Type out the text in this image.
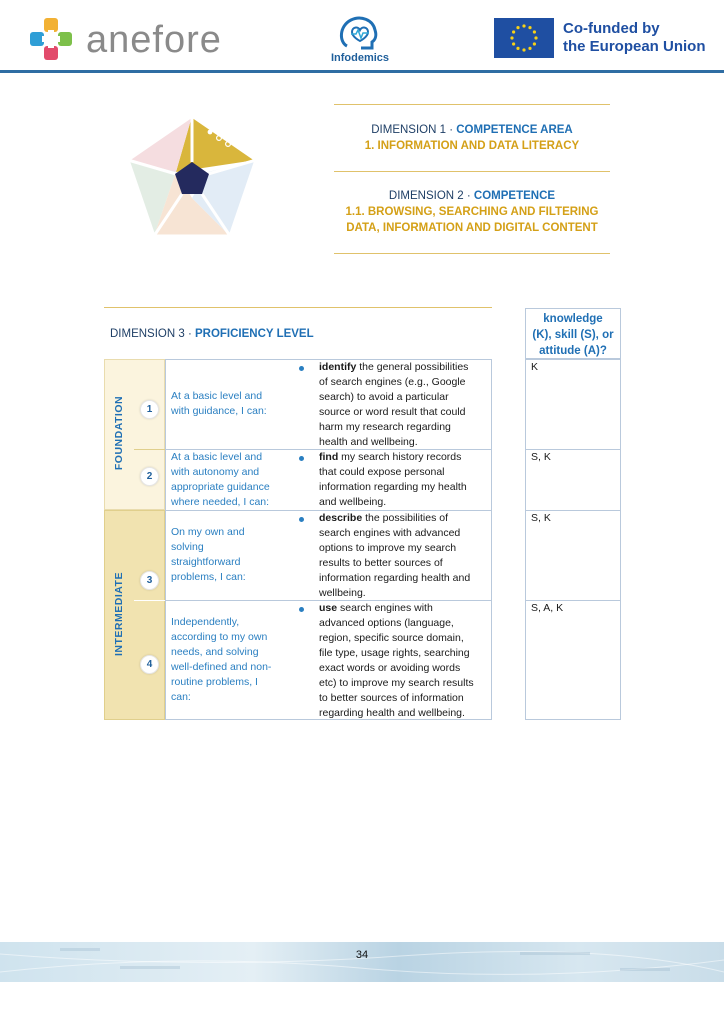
anefore	Infodemics
Co-funded by
the European Union
DIMENSION 1 · COMPETENCE AREA
1. INFORMATION AND DATA LITERACY
DIMENSION 2 · COMPETENCE
1.1. BROWSING, SEARCHING AND FILTERING
DATA, INFORMATION AND DIGITAL CONTENT
DIMENSION 3 · PROFICIENCY LEVEL
knowledge
(K), skill (S), or
attitude (A)?
FOUNDATION
INTERMEDIATE
1
2
3
4
At a basic level and
with guidance, I can:
identify the general possibilities
of search engines (e.g., Google
search) to avoid a particular
source or word result that could
harm my research regarding
health and wellbeing.
K
At a basic level and
with autonomy and
appropriate guidance
where needed, I can:
find my search history records
that could expose personal
information regarding my health
and wellbeing.
S, K
On my own and
solving
straightforward
problems, I can:
describe the possibilities of
search engines with advanced
options to improve my search
results to better sources of
information regarding health and
wellbeing.
S, K
Independently,
according to my own
needs, and solving
well-defined and non-
routine problems, I
can:
use search engines with
advanced options (language,
region, specific source domain,
file type, usage rights, searching
exact words or avoiding words
etc) to improve my search results
to better sources of information
regarding health and wellbeing.
S, A, K
34
